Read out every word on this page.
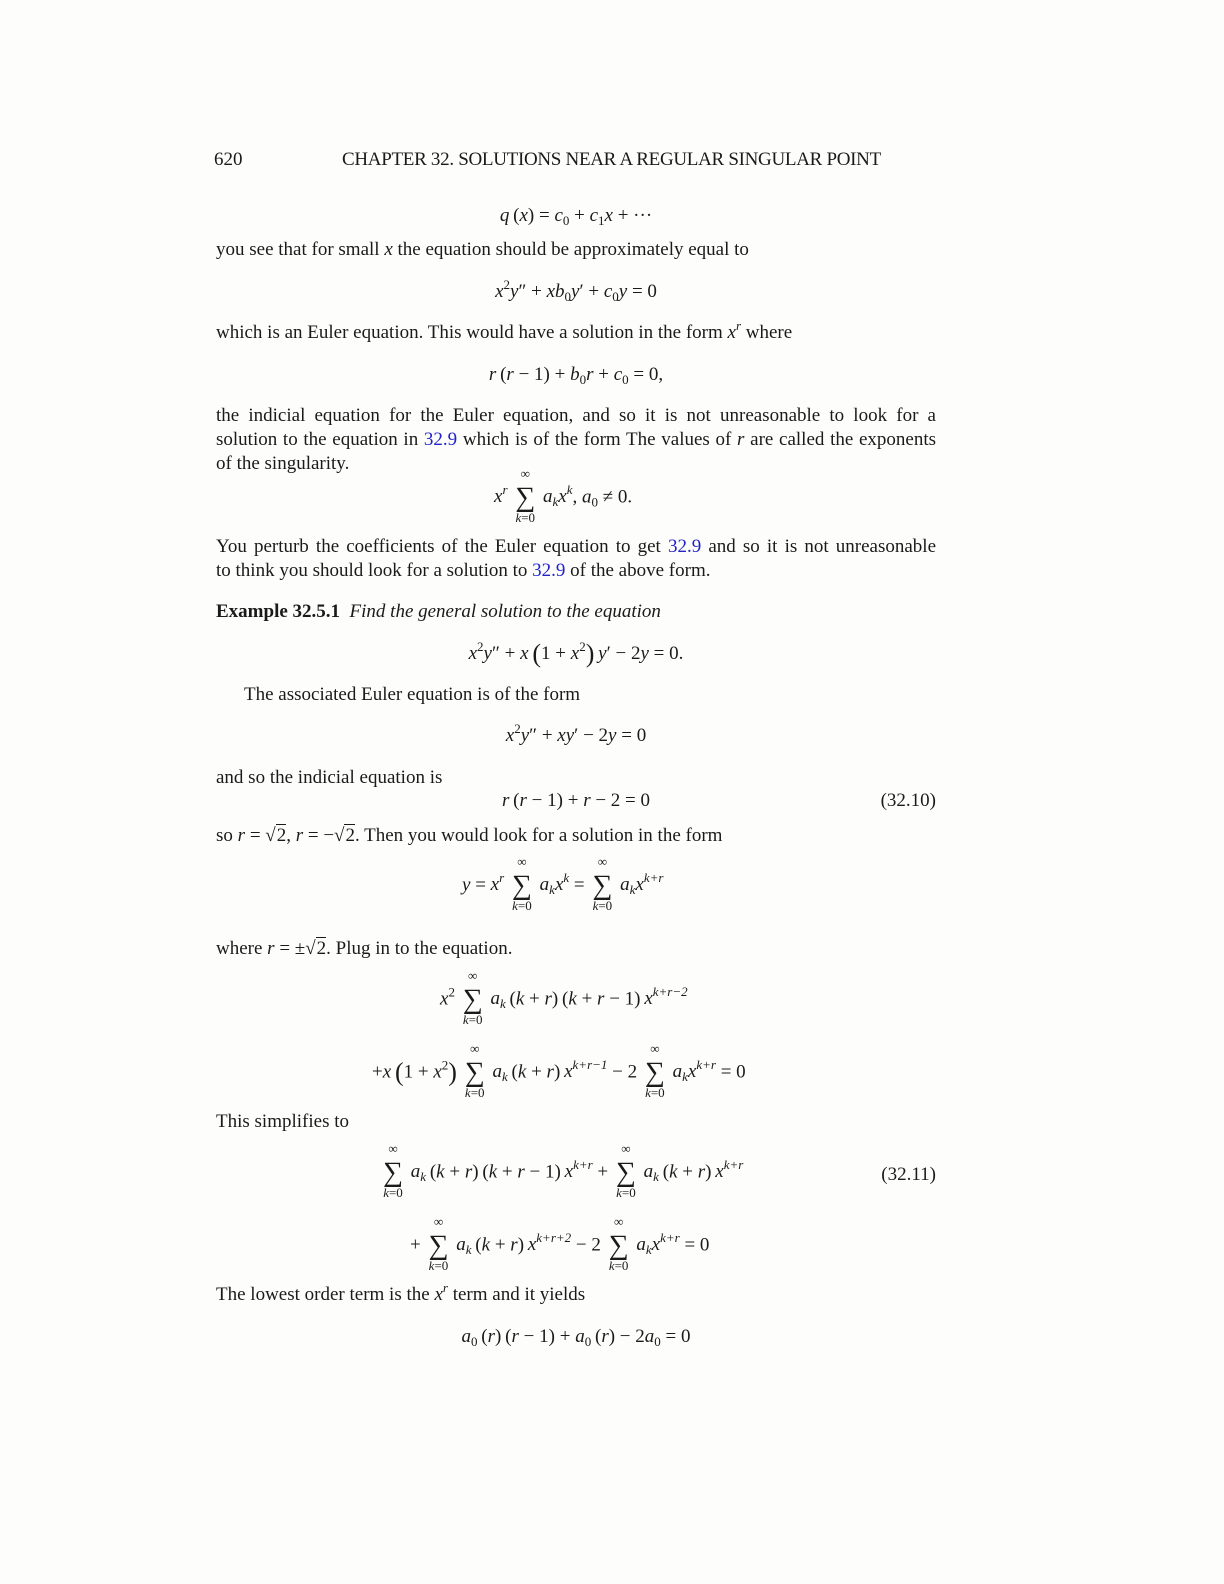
620	CHAPTER 32. SOLUTIONS NEAR A REGULAR SINGULAR POINT
q $(x) = c_0 + c_1x$ + ···
you see that for small x the equation should be approximately equal to
$x^2y'' + xb_0y' + c_0y = 0$
which is an Euler equation. This would have a solution in the form $x^r$ where
r $(r - 1) + b_0r + c_0 = 0$,
the indicial equation for the Euler equation, and so it is not unreasonable to look for a
solution to the equation in 32.9 which is of the form The values of r are called the exponents
of the singularity.
$x^r$
∞
∑
k=0
$a_kx^k$, $a_0 \ne 0$.
You perturb the coefficients of the Euler equation to get 32.9 and so it is not unreasonable
to think you should look for a solution to 32.9 of the above form.
Example 32.5.1 Find the general solution to the equation
$x^2y'' + x$  $(1 + x^2)$  y′ − 2y = 0.
The associated Euler equation is of the form
$x^2y'' + xy' - 2y = 0$
and so the indicial equation is
r (r − 1) + r − 2 = 0	(32.10)
so r = √2, r = −√2. Then you would look for a solution in the form
$y = x^r$
∞
∑
k=0
$a_kx^k$ =
∞
∑
k=0
$a_kx^{k+r}$
where r = ±√2. Plug in to the equation.
$x^2$
∞
∑
k=0
$a_k$ (k + r) (k + r − 1) $x^{k+r-2}$
+x  $(1 + x^2)$
∞
∑
k=0
$a_k$ (k + r) $x^{k+r-1} - 2$
∞
∑
k=0
$a_kx^{k+r} = 0$
This simplifies to
∞
∑
k=0
$a_k$ (k + r) (k + r − 1) $x^{k+r}$ +
∞
∑
k=0
$a_k$ (k + r) $x^{k+r}$	(32.11)
+
∞
∑
k=0
$a_k$ (k + r) $x^{k+r+2} - 2$
∞
∑
k=0
$a_kx^{k+r} = 0$
The lowest order term is the $x^r$ term and it yields
$a_0$ (r) $(r - 1) + a_0$ $(r) - 2a_0 = 0$
